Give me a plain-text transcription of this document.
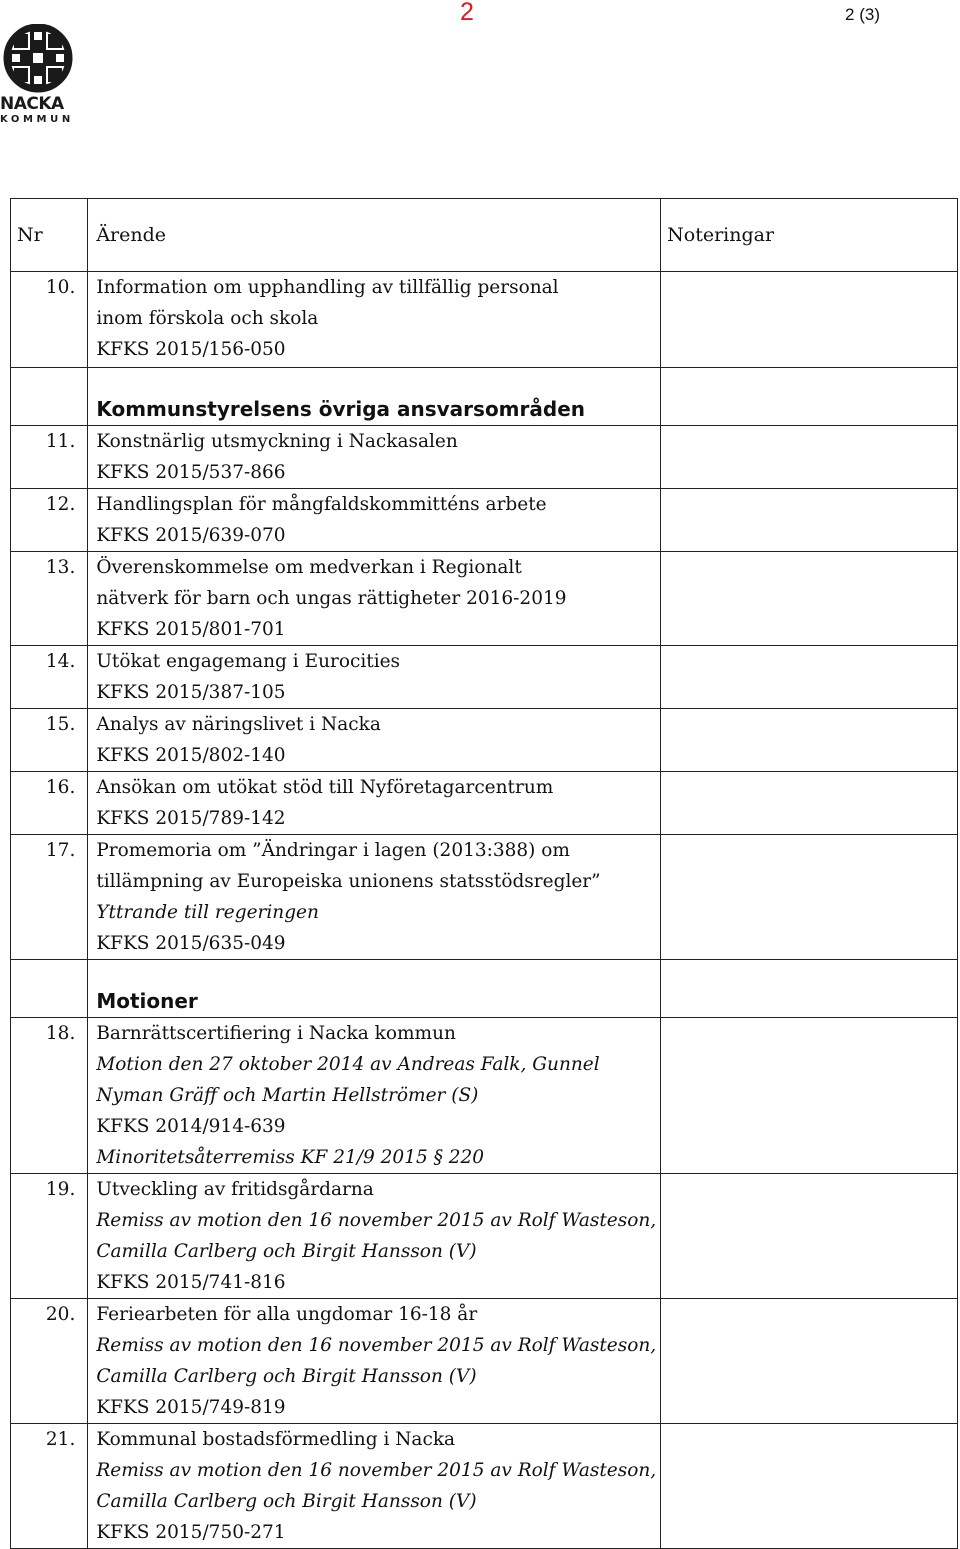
2	2 (3)
NACKA
KOMMUN
Nr	Ärende	Noteringar
10.	Information om upphandling av tillfällig personal
inom förskola och skola
KFKS 2015/156-050	

	Kommunstyrelsens övriga ansvarsområden	

11.	Konstnärlig utsmyckning i Nackasalen
KFKS 2015/537-866	

12.	Handlingsplan för mångfaldskommitténs arbete
KFKS 2015/639-070	

13.	Överenskommelse om medverkan i Regionalt
nätverk för barn och ungas rättigheter 2016-2019
KFKS 2015/801-701	

14.	Utökat engagemang i Eurocities
KFKS 2015/387-105	

15.	Analys av näringslivet i Nacka
KFKS 2015/802-140	

16.	Ansökan om utökat stöd till Nyföretagarcentrum
KFKS 2015/789-142	

17.	Promemoria om ”Ändringar i lagen (2013:388) om
tillämpning av Europeiska unionens statsstödsregler”
Yttrande till regeringen
KFKS 2015/635-049	

	Motioner	

18.	Barnrättscertifiering i Nacka kommun
Motion den 27 oktober 2014 av Andreas Falk, Gunnel
Nyman Gräff och Martin Hellströmer (S)
KFKS 2014/914-639
Minoritetsåterremiss KF 21/9 2015 § 220	

19.	Utveckling av fritidsgårdarna
Remiss av motion den 16 november 2015 av Rolf Wasteson,
Camilla Carlberg och Birgit Hansson (V)
KFKS 2015/741-816	

20.	Feriearbeten för alla ungdomar 16-18 år
Remiss av motion den 16 november 2015 av Rolf Wasteson,
Camilla Carlberg och Birgit Hansson (V)
KFKS 2015/749-819	

21.	Kommunal bostadsförmedling i Nacka
Remiss av motion den 16 november 2015 av Rolf Wasteson,
Camilla Carlberg och Birgit Hansson (V)
KFKS 2015/750-271	
